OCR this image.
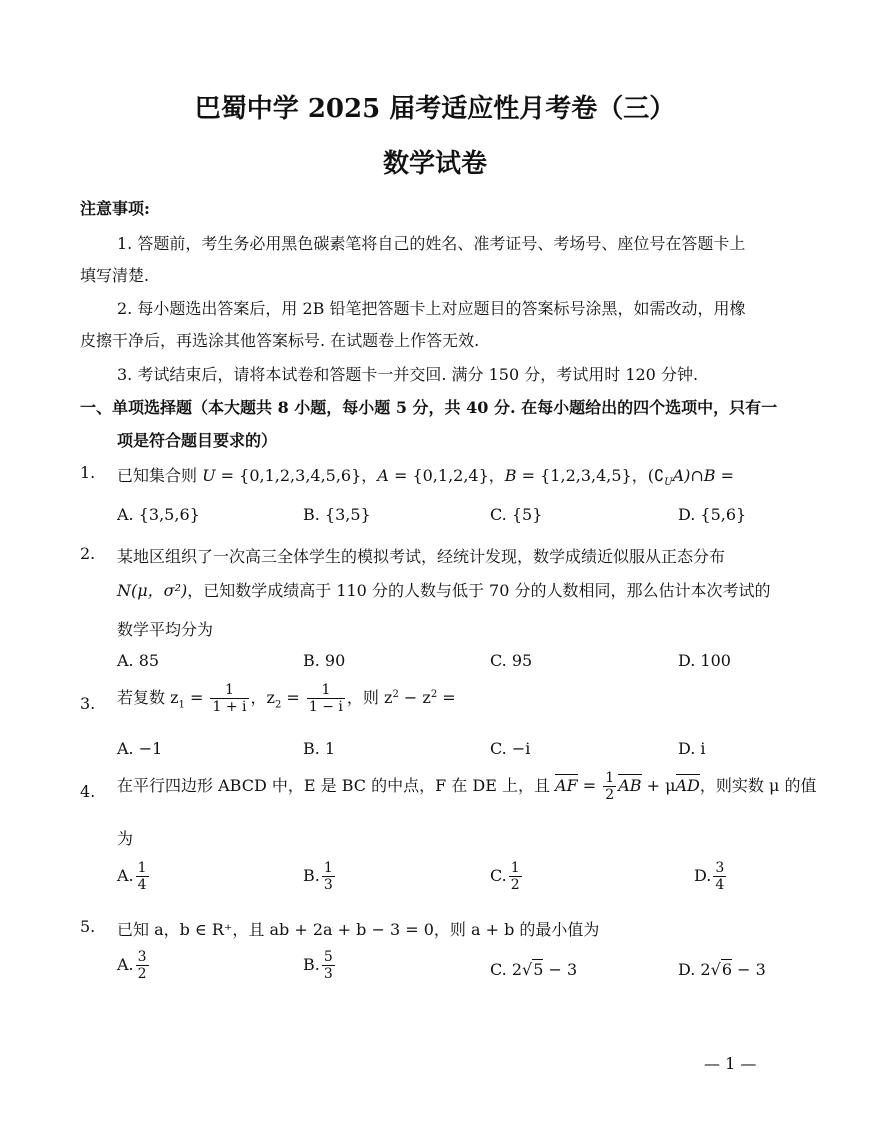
巴蜀中学 2025 届考适应性月考卷（三）
数学试卷
注意事项:
1. 答题前，考生务必用黑色碳素笔将自己的姓名、准考证号、考场号、座位号在答题卡上
填写清楚.
2. 每小题选出答案后，用 2B 铅笔把答题卡上对应题目的答案标号涂黑，如需改动，用橡
皮擦干净后，再选涂其他答案标号. 在试题卷上作答无效.
3. 考试结束后，请将本试卷和答题卡一并交回. 满分 150 分，考试用时 120 分钟.
一、单项选择题（本大题共 8 小题，每小题 5 分，共 40 分. 在每小题给出的四个选项中，只有一
项是符合题目要求的）
1. 已知集合则 U = {0,1,2,3,4,5,6}，A = {0,1,2,4}，B = {1,2,3,4,5}，$(∁_UA)\cap B$ =
A. {3,5,6}	B. {3,5}	C. {5}	D. {5,6}
2. 某地区组织了一次高三全体学生的模拟考试，经统计发现，数学成绩近似服从正态分布
N(μ，σ²)，已知数学成绩高于 110 分的人数与低于 70 分的人数相同，那么估计本次考试的
数学平均分为
A. 85	B. 90	C. 95	D. 100
3. 若复数 $z_1 = \frac{1}{1 + i}$ ，$z_2 = \frac{1}{1 - i}$ ，则 $z^2 - z^2$ =
A. −1	B. 1	C. −i	D. i
4. 在平行四边形 ABCD 中，E 是 BC 的中点，F 在 DE 上，且 AF = $\frac{1}{2}$ AB + μAD，则实数 μ 的值
为
A. $\frac{1}{4}$	B. $\frac{1}{3}$	C. $\frac{1}{2}$	D. $\frac{3}{4}$
5. 已知 a，b ∈ R⁺，且 ab + 2a + b − 3 = 0，则 a + b 的最小值为
A. $\frac{3}{2}$	B. $\frac{5}{3}$	C. 2√5 − 3	D. 2√6 − 3
— 1 —
